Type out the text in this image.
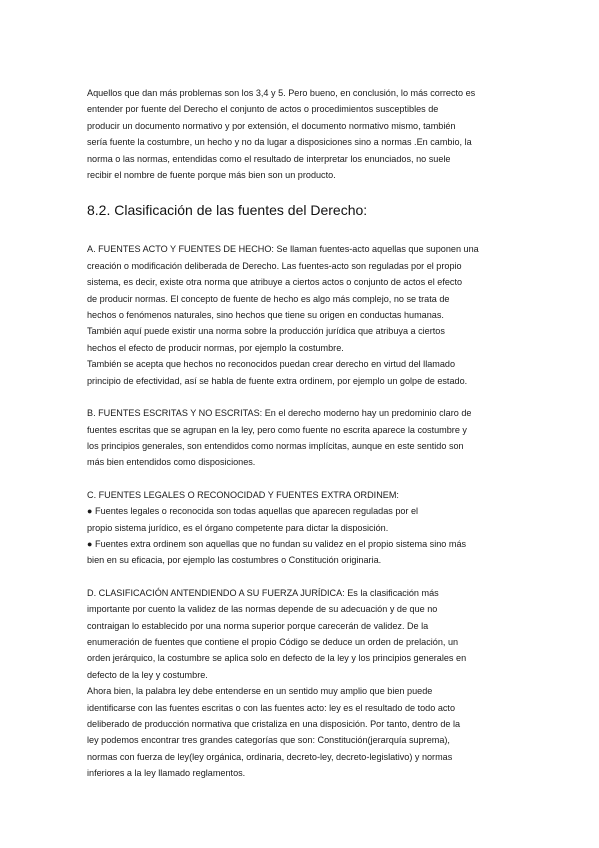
Aquellos que dan más problemas son los 3,4 y 5. Pero bueno, en conclusión, lo más correcto es
entender por fuente del Derecho el conjunto de actos o procedimientos susceptibles de
producir un documento normativo y por extensión, el documento normativo mismo, también
sería fuente la costumbre, un hecho y no da lugar a disposiciones sino a normas .En cambio, la
norma o las normas, entendidas como el resultado de interpretar los enunciados, no suele
recibir el nombre de fuente porque más bien son un producto.

8.2. Clasificación de las fuentes del Derecho:

A. FUENTES ACTO Y FUENTES DE HECHO: Se llaman fuentes-acto aquellas que suponen una
creación o modificación deliberada de Derecho. Las fuentes-acto son reguladas por el propio
sistema, es decir, existe otra norma que atribuye a ciertos actos o conjunto de actos el efecto
de producir normas. El concepto de fuente de hecho es algo más complejo, no se trata de
hechos o fenómenos naturales, sino hechos que tiene su origen en conductas humanas.
También aquí puede existir una norma sobre la producción jurídica que atribuya a ciertos
hechos el efecto de producir normas, por ejemplo la costumbre.
También se acepta que hechos no reconocidos puedan crear derecho en virtud del llamado
principio de efectividad, así se habla de fuente extra ordinem, por ejemplo un golpe de estado.

B. FUENTES ESCRITAS Y NO ESCRITAS: En el derecho moderno hay un predominio claro de
fuentes escritas que se agrupan en la ley, pero como fuente no escrita aparece la costumbre y
los principios generales, son entendidos como normas implícitas, aunque en este sentido son
más bien entendidos como disposiciones.

C. FUENTES LEGALES O RECONOCIDAD Y FUENTES EXTRA ORDINEM:
● Fuentes legales o reconocida son todas aquellas que aparecen reguladas por el
propio sistema jurídico, es el órgano competente para dictar la disposición.
● Fuentes extra ordinem son aquellas que no fundan su validez en el propio sistema sino más
bien en su eficacia, por ejemplo las costumbres o Constitución originaria.

D. CLASIFICACIÓN ANTENDIENDO A SU FUERZA JURÍDICA: Es la clasificación más
importante por cuento la validez de las normas depende de su adecuación y de que no
contraigan lo establecido por una norma superior porque carecerán de validez. De la
enumeración de fuentes que contiene el propio Código se deduce un orden de prelación, un
orden jerárquico, la costumbre se aplica solo en defecto de la ley y los principios generales en
defecto de la ley y costumbre.
Ahora bien, la palabra ley debe entenderse en un sentido muy amplio que bien puede
identificarse con las fuentes escritas o con las fuentes acto: ley es el resultado de todo acto
deliberado de producción normativa que cristaliza en una disposición. Por tanto, dentro de la
ley podemos encontrar tres grandes categorías que son: Constitución(jerarquía suprema),
normas con fuerza de ley(ley orgánica, ordinaria, decreto-ley, decreto-legislativo) y normas
inferiores a la ley llamado reglamentos.
